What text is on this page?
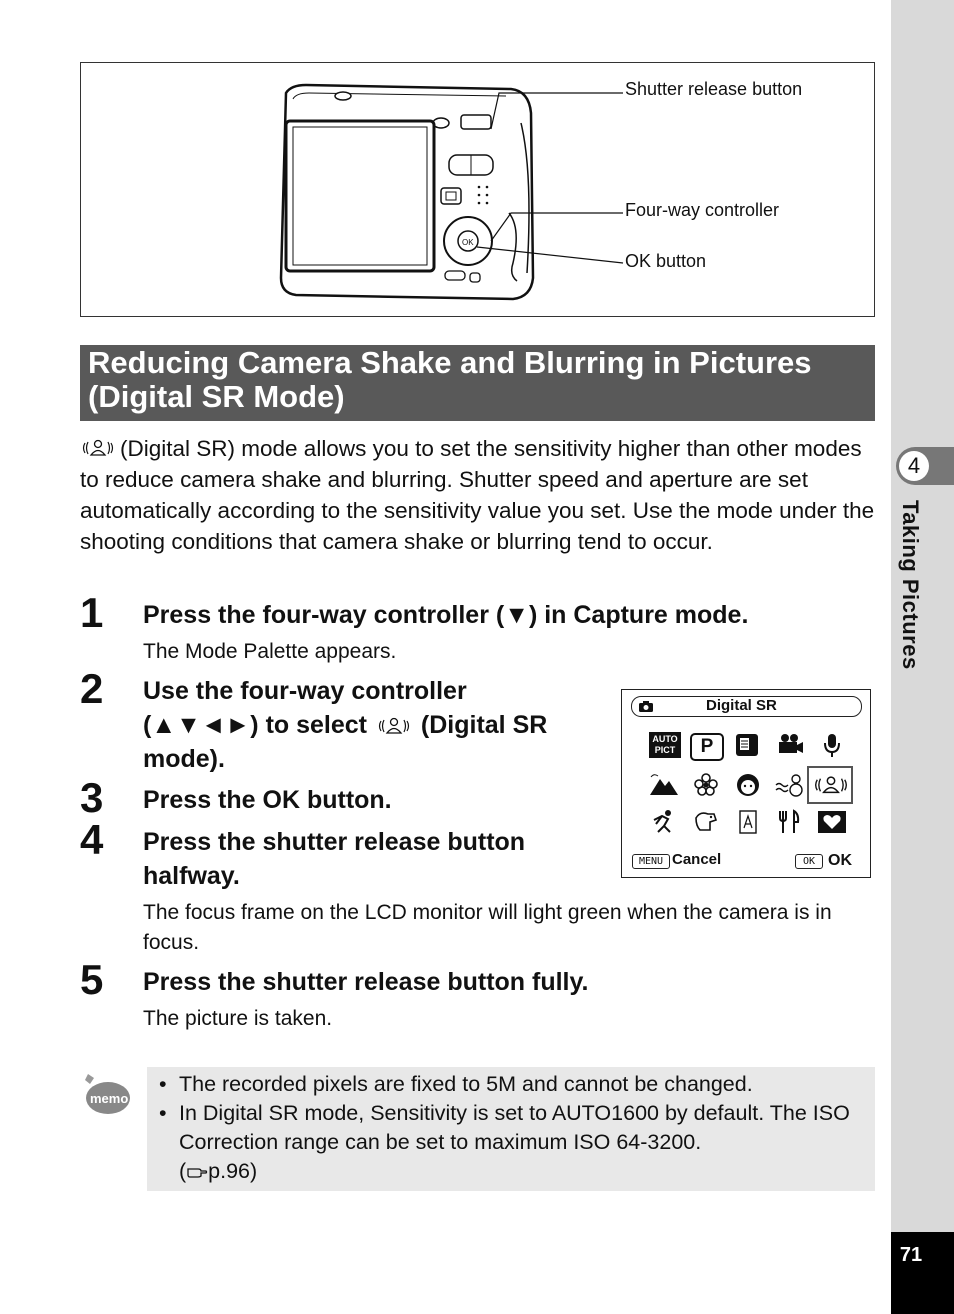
4
Taking Pictures
71
OK
Shutter release button
Four-way controller
OK button
Reducing Camera Shake and Blurring in Pictures (Digital SR Mode)
(Digital SR) mode allows you to set the sensitivity higher than other modes to reduce camera shake and blurring. Shutter speed and aperture are set automatically according to the sensitivity value you set. Use the mode under the shooting conditions that camera shake or blurring tend to occur.
1	Press the four-way controller (▼) in Capture mode.
The Mode Palette appears.
2	Use the four-way controller
(▲▼◄►) to select (Digital SR
mode).
3	Press the OK button.
4	Press the shutter release button
halfway.
The focus frame on the LCD monitor will light green when the camera is in focus.
5	Press the shutter release button fully.
The picture is taken.
Digital SR
AUTO
PICT	P
MENU Cancel	OK OK
memo
• The recorded pixels are fixed to 5M and cannot be changed.
• In Digital SR mode, Sensitivity is set to AUTO1600 by default. The ISO Correction range can be set to maximum ISO 64-3200.
( p.96)
